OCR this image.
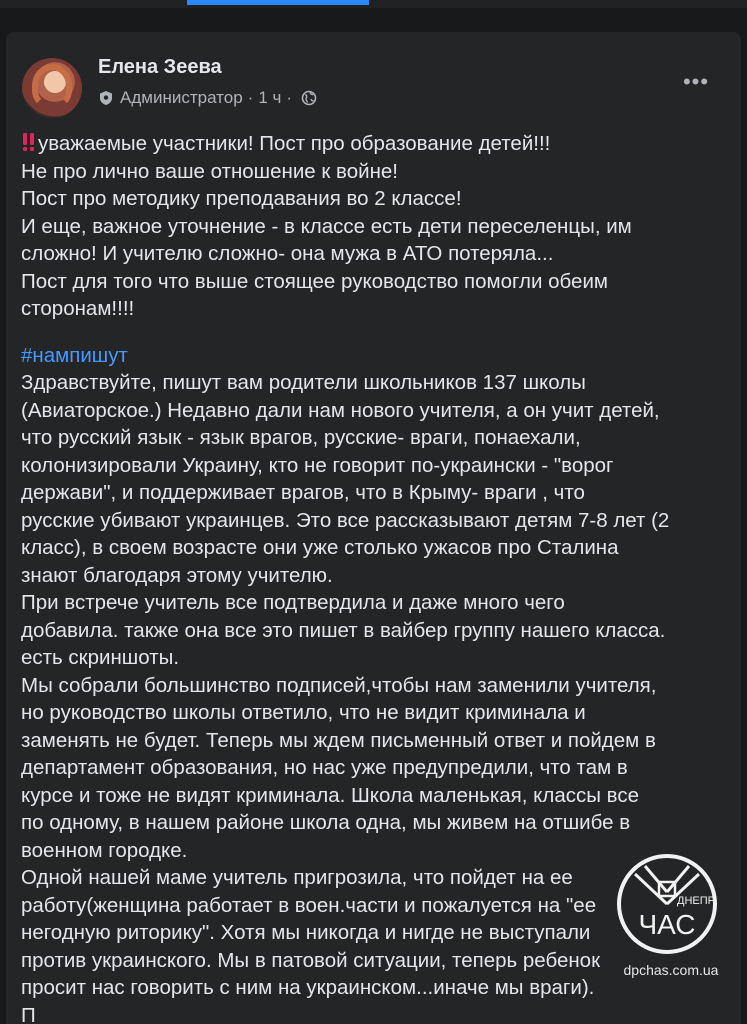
Елена Зеева
Администратор · 1 ч ·
•••
уважаемые участники! Пост про образование детей!!!
Не про лично ваше отношение к войне!
Пост про методику преподавания во 2 классе!
И еще, важное уточнение - в классе есть дети переселенцы, им
сложно! И учителю сложно- она мужа в АТО потеряла...
Пост для того что выше стоящее руководство помогли обеим
сторонам!!!!
#нампишут
Здравствуйте, пишут вам родители школьников 137 школы
(Авиаторское.) Недавно дали нам нового учителя, а он учит детей,
что русский язык - язык врагов, русские- враги, понаехали,
колонизировали Украину, кто не говорит по-украински - "ворог
держави", и поддерживает врагов, что в Крыму- враги , что
русские убивают украинцев. Это все рассказывают детям 7-8 лет (2
класс), в своем возрасте они уже столько ужасов про Сталина
знают благодаря этому учителю.
При встрече учитель все подтвердила и даже много чего
добавила. также она все это пишет в вайбер группу нашего класса.
есть скриншоты.
Мы собрали большинство подписей,чтобы нам заменили учителя,
но руководство школы ответило, что не видит криминала и
заменять не будет. Теперь мы ждем письменный ответ и пойдем в
департамент образования, но нас уже предупредили, что там в
курсе и тоже не видят криминала. Школа маленькая, классы все
по одному, в нашем районе школа одна, мы живем на отшибе в
военном городке.
Одной нашей маме учитель пригрозила, что пойдет на ее
работу(женщина работает в воен.части и пожалуется на "ее
негодную риторику". Хотя мы никогда и нигде не выступали
против украинского. Мы в патовой ситуации, теперь ребенок
просит нас говорить с ним на украинском...иначе мы враги).
П
ДНЕПР
ЧАС
dpchas.com.ua
